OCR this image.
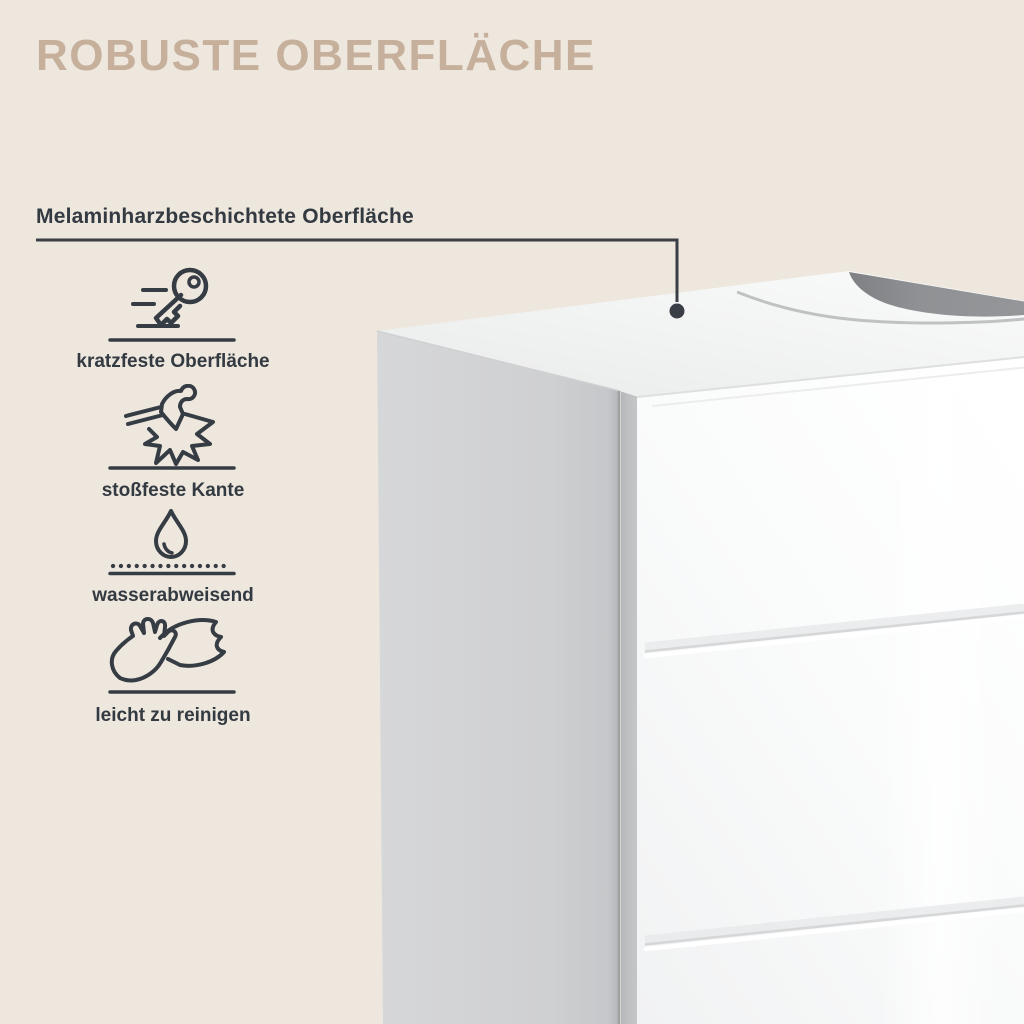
ROBUSTE OBERFLÄCHE
Melaminharzbeschichtete Oberfläche
kratzfeste Oberfläche
stoßfeste Kante
wasserabweisend
leicht zu reinigen
